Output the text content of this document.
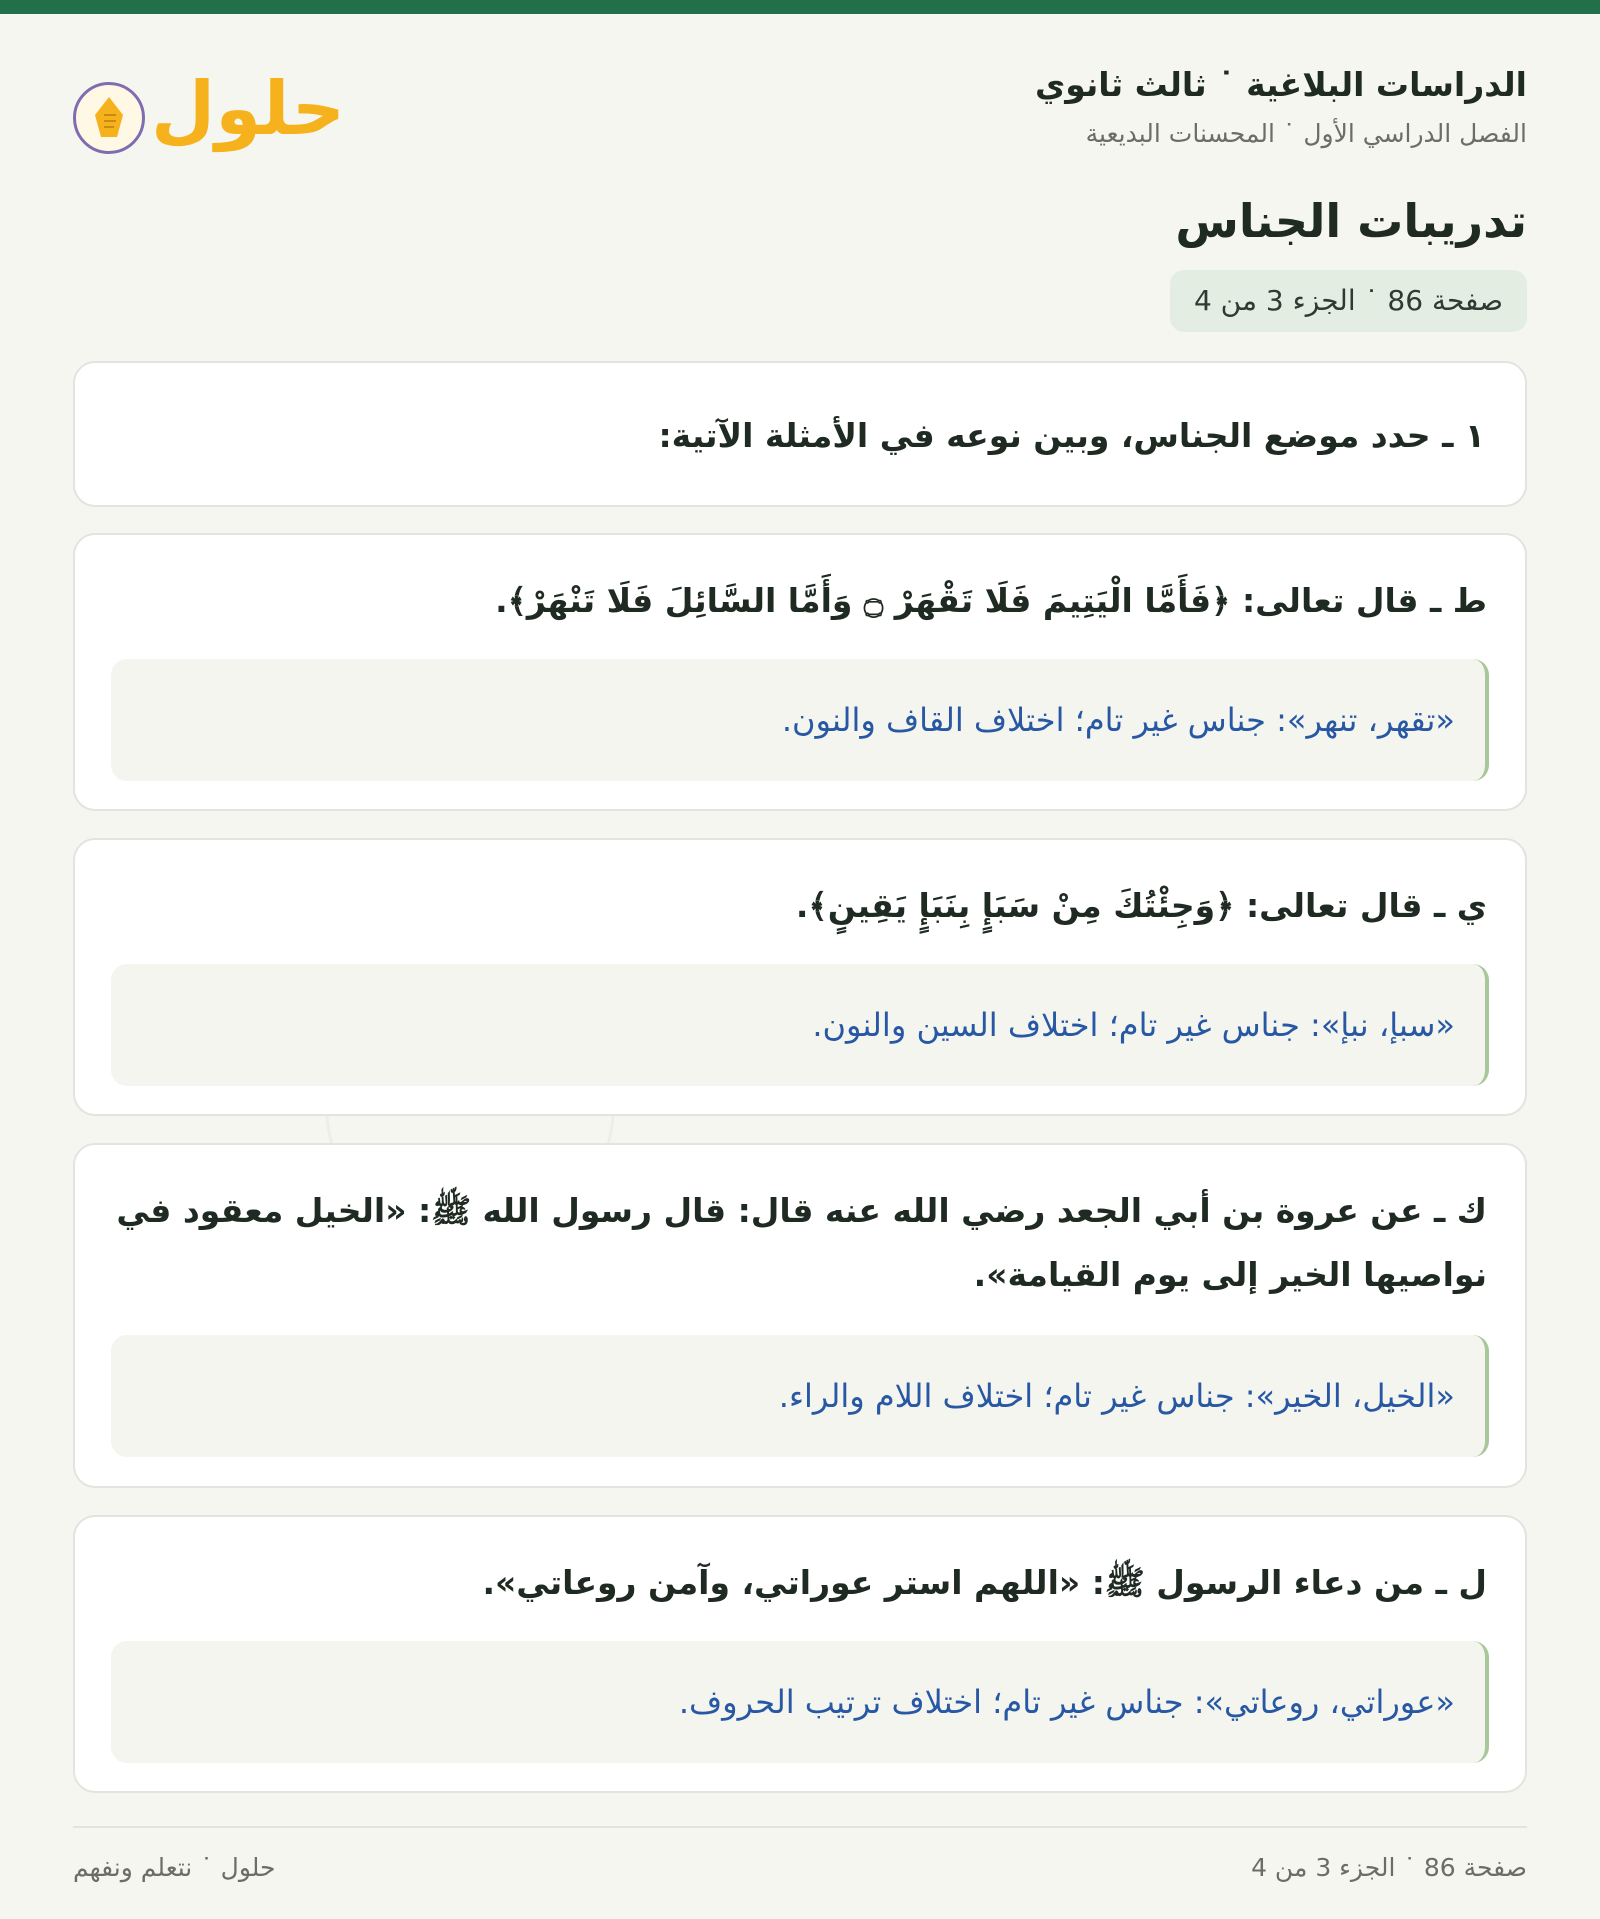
الدراسات البلاغية ˙ ثالث ثانوي
الفصل الدراسي الأول ˙ المحسنات البديعية
حلول
تدريبات الجناس
صفحة 86 ˙ الجزء 3 من 4
١ ـ حدد موضع الجناس، وبين نوعه في الأمثلة الآتية:
ط ـ قال تعالى: ﴿فَأَمَّا الْيَتِيمَ فَلَا تَقْهَرْ ۝ وَأَمَّا السَّائِلَ فَلَا تَنْهَرْ﴾.
«تقهر، تنهر»: جناس غير تام؛ اختلاف القاف والنون.
ي ـ قال تعالى: ﴿وَجِئْتُكَ مِنْ سَبَإٍ بِنَبَإٍ يَقِينٍ﴾.
«سبإ، نبإ»: جناس غير تام؛ اختلاف السين والنون.
ك ـ عن عروة بن أبي الجعد رضي الله عنه قال: قال رسول الله ﷺ: «الخيل معقود في نواصيها الخير إلى يوم القيامة».
«الخيل، الخير»: جناس غير تام؛ اختلاف اللام والراء.
ل ـ من دعاء الرسول ﷺ: «اللهم استر عوراتي، وآمن روعاتي».
«عوراتي، روعاتي»: جناس غير تام؛ اختلاف ترتيب الحروف.
صفحة 86 ˙ الجزء 3 من 4
حلول ˙ نتعلم ونفهم
